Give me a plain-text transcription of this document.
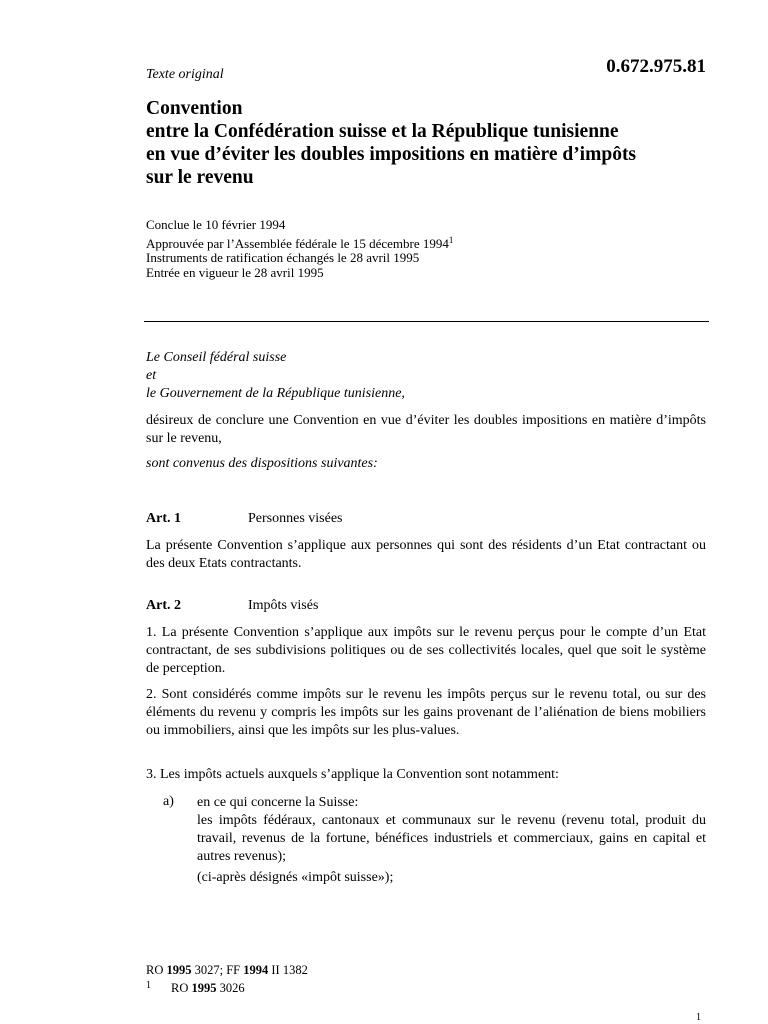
Texte original	0.672.975.81
Convention
entre la Confédération suisse et la République tunisienne
en vue d’éviter les doubles impositions en matière d’impôts
sur le revenu
Conclue le 10 février 1994
Approuvée par l’Assemblée fédérale le 15 décembre 1994$^1$
Instruments de ratification échangés le 28 avril 1995
Entrée en vigueur le 28 avril 1995
Le Conseil fédéral suisse
et
le Gouvernement de la République tunisienne,
désireux de conclure une Convention en vue d’éviter les doubles impositions en matière d’impôts sur le revenu,
sont convenus des dispositions suivantes:
Art. 1	Personnes visées
La présente Convention s’applique aux personnes qui sont des résidents d’un Etat contractant ou des deux Etats contractants.
Art. 2	Impôts visés
1. La présente Convention s’applique aux impôts sur le revenu perçus pour le compte d’un Etat contractant, de ses subdivisions politiques ou de ses collectivités locales, quel que soit le système de perception.
2. Sont considérés comme impôts sur le revenu les impôts perçus sur le revenu total, ou sur des éléments du revenu y compris les impôts sur les gains provenant de l’aliénation de biens mobiliers ou immobiliers, ainsi que les impôts sur les plus-values.
3. Les impôts actuels auxquels s’applique la Convention sont notamment:
a) en ce qui concerne la Suisse:
les impôts fédéraux, cantonaux et communaux sur le revenu (revenu total, produit du travail, revenus de la fortune, bénéfices industriels et commerciaux, gains en capital et autres revenus);
(ci-après désignés «impôt suisse»);
RO 1995 3027; FF 1994 II 1382
$^1$ RO 1995 3026
1
